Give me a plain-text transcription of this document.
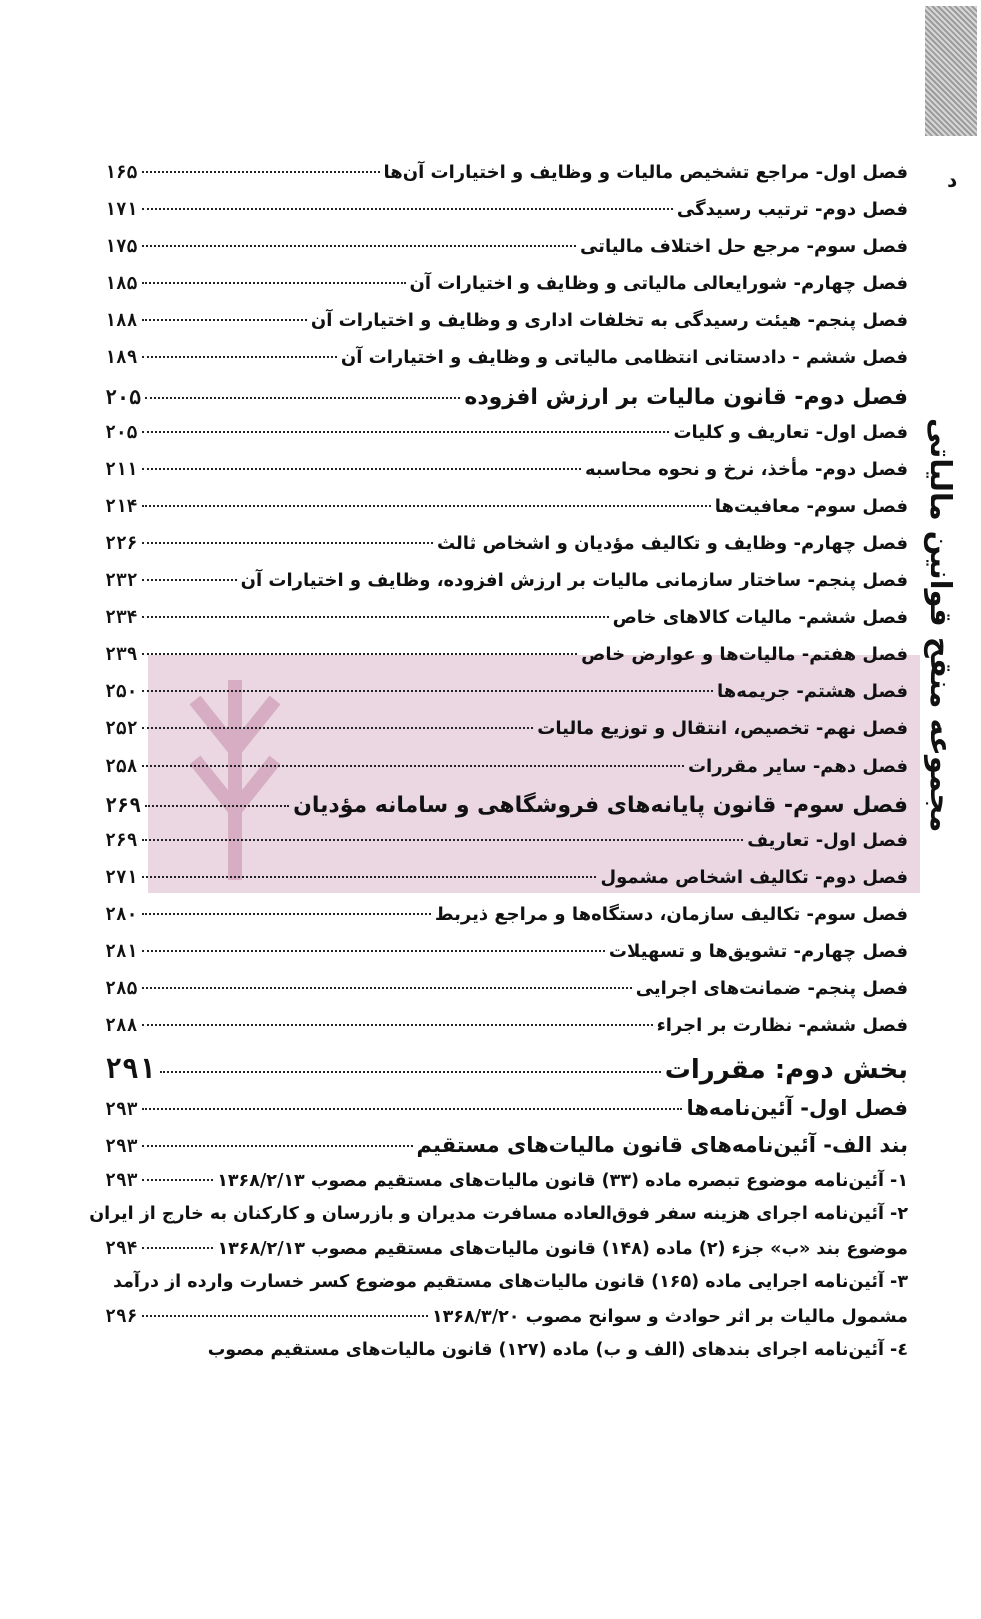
د
مجموعه منقح قوانین مالیاتی
فصل اول- مراجع تشخیص مالیات و وظایف و اختیارات آن‌ها
۱۶۵
فصل دوم- ترتیب رسیدگی
۱۷۱
فصل سوم- مرجع حل اختلاف مالیاتی
۱۷۵
فصل چهارم- شورایعالی مالیاتی و وظایف و اختیارات آن
۱۸۵
فصل پنجم- هیئت رسیدگی به تخلفات اداری و وظایف و اختیارات آن
۱۸۸
فصل ششم - دادستانی انتظامی مالیاتی و وظایف و اختیارات آن
۱۸۹
فصل دوم- قانون مالیات بر ارزش افزوده
۲۰۵
فصل اول- تعاریف و کلیات
۲۰۵
فصل دوم- مأخذ، نرخ و نحوه محاسبه
۲۱۱
فصل سوم- معافیت‌ها
۲۱۴
فصل چهارم- وظایف و تکالیف مؤدیان و اشخاص ثالث
۲۲۶
فصل پنجم- ساختار سازمانی مالیات بر ارزش افزوده، وظایف و اختیارات آن
۲۳۲
فصل ششم- مالیات کالاهای خاص
۲۳۴
فصل هفتم- مالیات‌ها و عوارض خاص
۲۳۹
فصل هشتم- جریمه‌ها
۲۵۰
فصل نهم- تخصیص، انتقال و توزیع مالیات
۲۵۲
فصل دهم- سایر مقررات
۲۵۸
فصل سوم- قانون پایانه‌های فروشگاهی و سامانه مؤدیان
۲۶۹
فصل اول- تعاریف
۲۶۹
فصل دوم- تکالیف اشخاص مشمول
۲۷۱
فصل سوم- تکالیف سازمان، دستگاه‌ها و مراجع ذیربط
۲۸۰
فصل چهارم- تشویق‌ها و تسهیلات
۲۸۱
فصل پنجم- ضمانت‌های اجرایی
۲۸۵
فصل ششم- نظارت بر اجراء
۲۸۸
بخش دوم: مقررات
۲۹۱
فصل اول- آئین‌نامه‌ها
۲۹۳
بند الف- آئین‌نامه‌های قانون مالیات‌های مستقیم
۲۹۳
۱- آئین‌نامه موضوع تبصره ماده (۳۳) قانون مالیات‌های مستقیم مصوب ۱۳۶۸/۲/۱۳
۲۹۳
۲- آئین‌نامه اجرای هزینه سفر فوق‌العاده مسافرت مدیران و بازرسان و کارکنان به خارج از ایران
موضوع بند «ب» جزء (۲) ماده (۱۴۸) قانون مالیات‌های مستقیم مصوب ۱۳۶۸/۲/۱۳
۲۹۴
۳- آئین‌نامه اجرایی ماده (۱۶۵) قانون مالیات‌های مستقیم موضوع کسر خسارت وارده از درآمد
مشمول مالیات بر اثر حوادث و سوانح مصوب ۱۳۶۸/۳/۲۰
۲۹۶
٤- آئین‌نامه اجرای بندهای (الف و ب) ماده (۱۲۷) قانون مالیات‌های مستقیم مصوب
